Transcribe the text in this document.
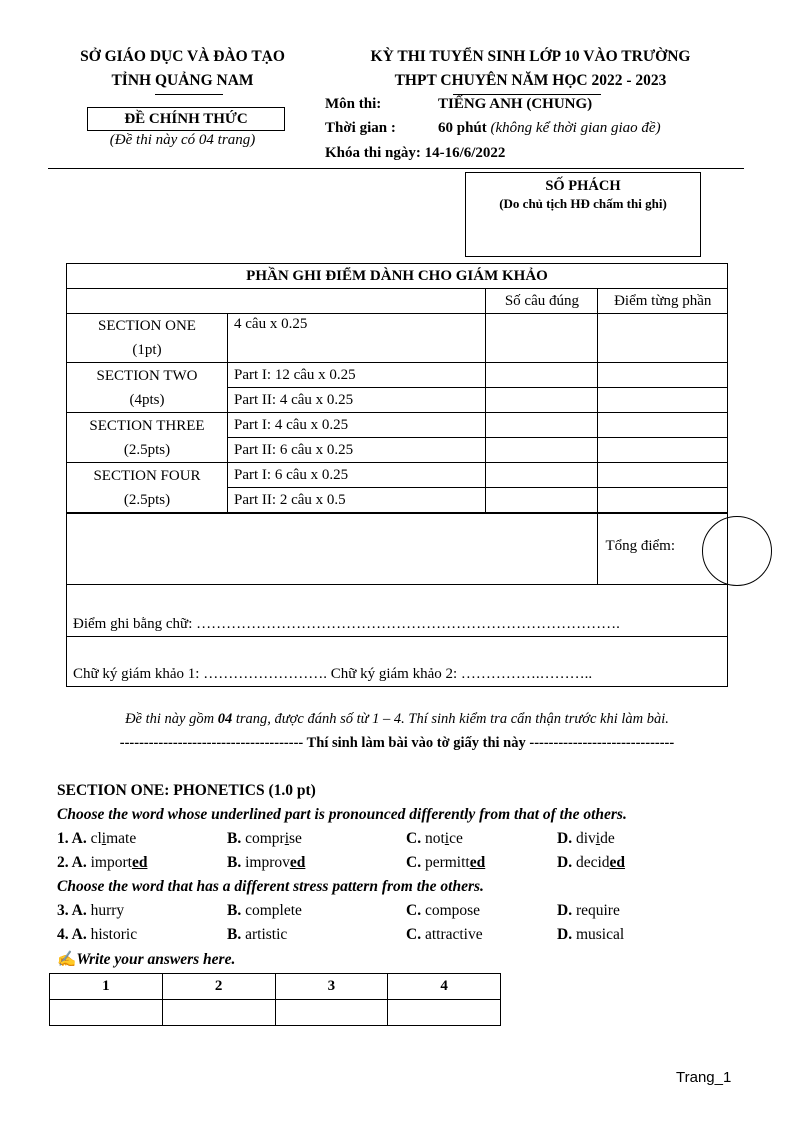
SỞ GIÁO DỤC VÀ ĐÀO TẠO
TỈNH QUẢNG NAM
ĐỀ CHÍNH THỨC
(Đề thi này có 04 trang)
KỲ THI TUYỂN SINH LỚP 10 VÀO TRƯỜNG
THPT CHUYÊN NĂM HỌC 2022 - 2023
Môn thi:	TIẾNG ANH (CHUNG)
Thời gian :	60 phút (không kể thời gian giao đề)
Khóa thi ngày: 14-16/6/2022
SỐ PHÁCH
(Do chủ tịch HĐ chấm thi ghi)
PHẦN GHI ĐIỂM DÀNH CHO GIÁM KHẢO			
		Số câu đúng	Điểm từng phần

SECTION ONE
(1pt)	4 câu x 0.25		

SECTION TWO
(4pts)	Part I: 12 câu x 0.25		
	Part II: 4 câu x 0.25		

SECTION THREE
(2.5pts)	Part I: 4 câu x 0.25		
	Part II: 6 câu x 0.25		

SECTION FOUR
(2.5pts)	Part I: 6 câu x 0.25		
	Part II: 2 câu x 0.5		

			Tổng điểm:

Điểm ghi bằng chữ: ………………………………………………………………………….			
Chữ ký giám khảo 1: ……………………. Chữ ký giám khảo 2: …………….………..			
Đề thi này gồm 04 trang, được đánh số từ 1 – 4. Thí sinh kiểm tra cẩn thận trước khi làm bài.
-------------------------------------- Thí sinh làm bài vào tờ giấy thi này ------------------------------
SECTION ONE: PHONETICS (1.0 pt)
Choose the word whose underlined part is pronounced differently from that of the others.
1. A. climate	B. comprise	C. notice	D. divide
2. A. imported	B. improved	C. permitted	D. decided
Choose the word that has a different stress pattern from the others.
3. A. hurry	B. complete	C. compose	D. require
4. A. historic	B. artistic	C. attractive	D. musical
✍Write your answers here.
1	2	3	4

Trang_1
